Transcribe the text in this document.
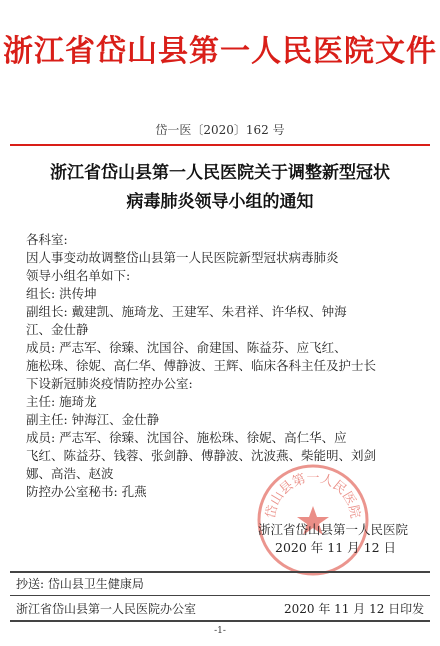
浙江省岱山县第一人民医院文件
岱一医〔2020〕162 号
浙江省岱山县第一人民医院关于调整新型冠状
病毒肺炎领导小组的通知
各科室:
因人事变动故调整岱山县第一人民医院新型冠状病毒肺炎
领导小组名单如下:
组长: 洪传坤
副组长: 戴建凯、施琦龙、王建军、朱君祥、许华权、钟海
江、金仕静
成员: 严志军、徐臻、沈国谷、俞建国、陈益芬、应飞红、
施松珠、徐妮、高仁华、傅静波、王辉、临床各科主任及护士长
下设新冠肺炎疫情防控办公室:
主任: 施琦龙
副主任: 钟海江、金仕静
成员: 严志军、徐臻、沈国谷、施松珠、徐妮、高仁华、应
飞红、陈益芬、钱蓉、张剑静、傅静波、沈波燕、柴能明、刘剑
娜、高浩、赵波
防控办公室秘书: 孔燕
岱山县第一人民医院
浙江省岱山县第一人民医院
2020 年 11 月 12 日
抄送: 岱山县卫生健康局
浙江省岱山县第一人民医院办公室	2020 年 11 月 12 日印发
-1-
